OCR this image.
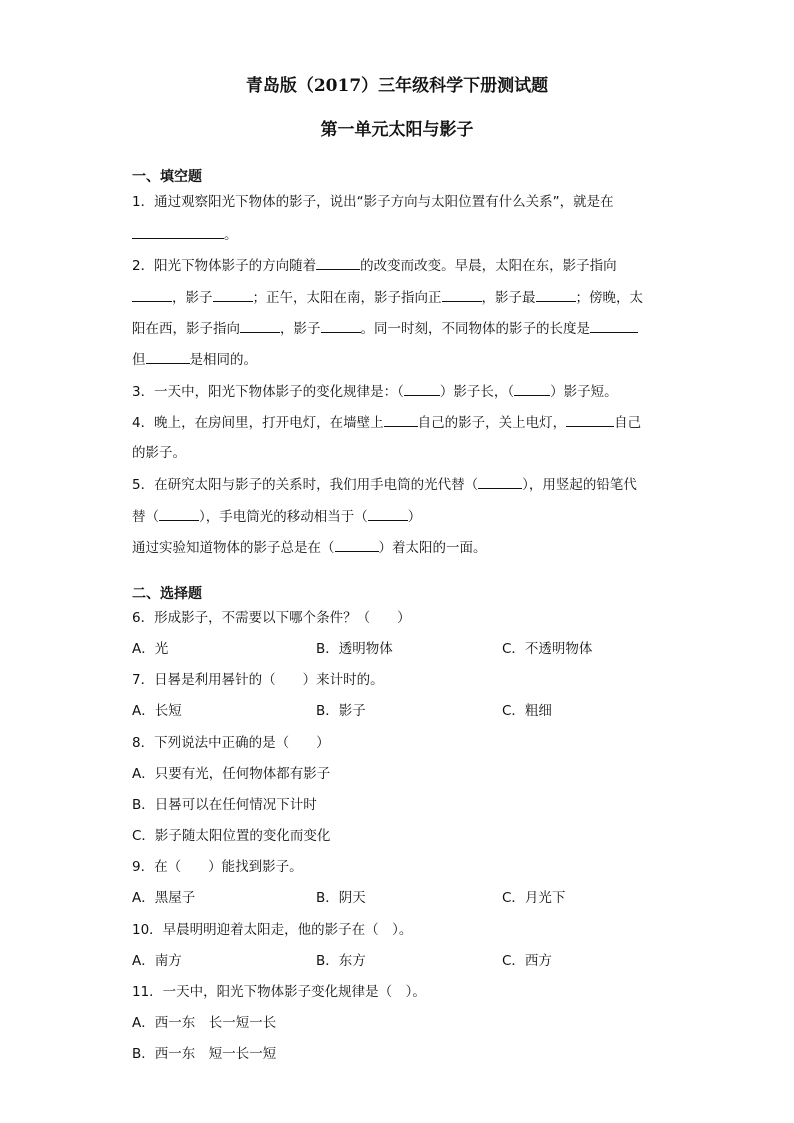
青岛版（2017）三年级科学下册测试题
第一单元太阳与影子
一、填空题
1．通过观察阳光下物体的影子，说出“影子方向与太阳位置有什么关系”，就是在
。
2．阳光下物体影子的方向随着	的改变而改变。早晨，太阳在东，影子指向
，影子	；正午，太阳在南，影子指向正	，影子最	；傍晚，太
阳在西，影子指向	，影子	。同一时刻，不同物体的影子的长度是
但	是相同的。
3．一天中，阳光下物体影子的变化规律是：（	）影子长，（	）影子短。
4．晚上，在房间里，打开电灯，在墙壁上	自己的影子，关上电灯，	自己
的影子。
5．在研究太阳与影子的关系时，我们用手电筒的光代替（	），用竖起的铅笔代
替（	），手电筒光的移动相当于（	）
通过实验知道物体的影子总是在（	）着太阳的一面。
二、选择题
6．形成影子，不需要以下哪个条件？（　　）
A．光	B．透明物体	C．不透明物体
7．日晷是利用晷针的（　　）来计时的。
A．长短	B．影子	C．粗细
8．下列说法中正确的是（　　）
A．只要有光，任何物体都有影子
B．日晷可以在任何情况下计时
C．影子随太阳位置的变化而变化
9．在（　　）能找到影子。
A．黑屋子	B．阴天	C．月光下
10．早晨明明迎着太阳走，他的影子在（　）。
A．南方	B．东方	C．西方
11．一天中，阳光下物体影子变化规律是（　）。
A．西一东　长一短一长
B．西一东　短一长一短
